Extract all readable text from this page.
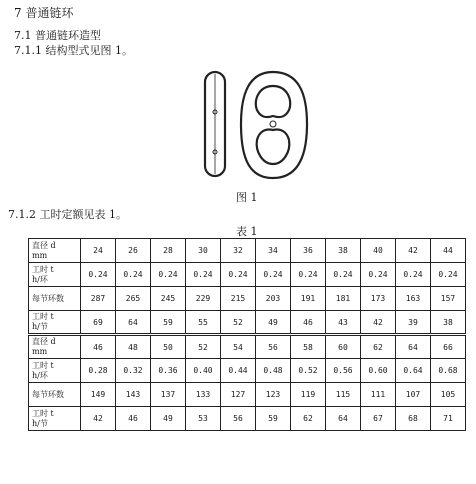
7 普通链环
7.1 普通链环造型
7.1.1 结构型式见图 1。
图 1
7.1.2 工时定额见表 1。
表 1
直径 d
mm	24	26	28	30	32	34	36	38	40	42	44

工时 t
h/环	0.24	0.24	0.24	0.24	0.24	0.24	0.24	0.24	0.24	0.24	0.24

每节环数	287	265	245	229	215	203	191	181	173	163	157

工时 t
h/节	69	64	59	55	52	49	46	43	42	39	38

直径 d
mm	46	48	50	52	54	56	58	60	62	64	66

工时 t
h/环	0.28	0.32	0.36	0.40	0.44	0.48	0.52	0.56	0.60	0.64	0.68

每节环数	149	143	137	133	127	123	119	115	111	107	105

工时 t
h/节	42	46	49	53	56	59	62	64	67	68	71
